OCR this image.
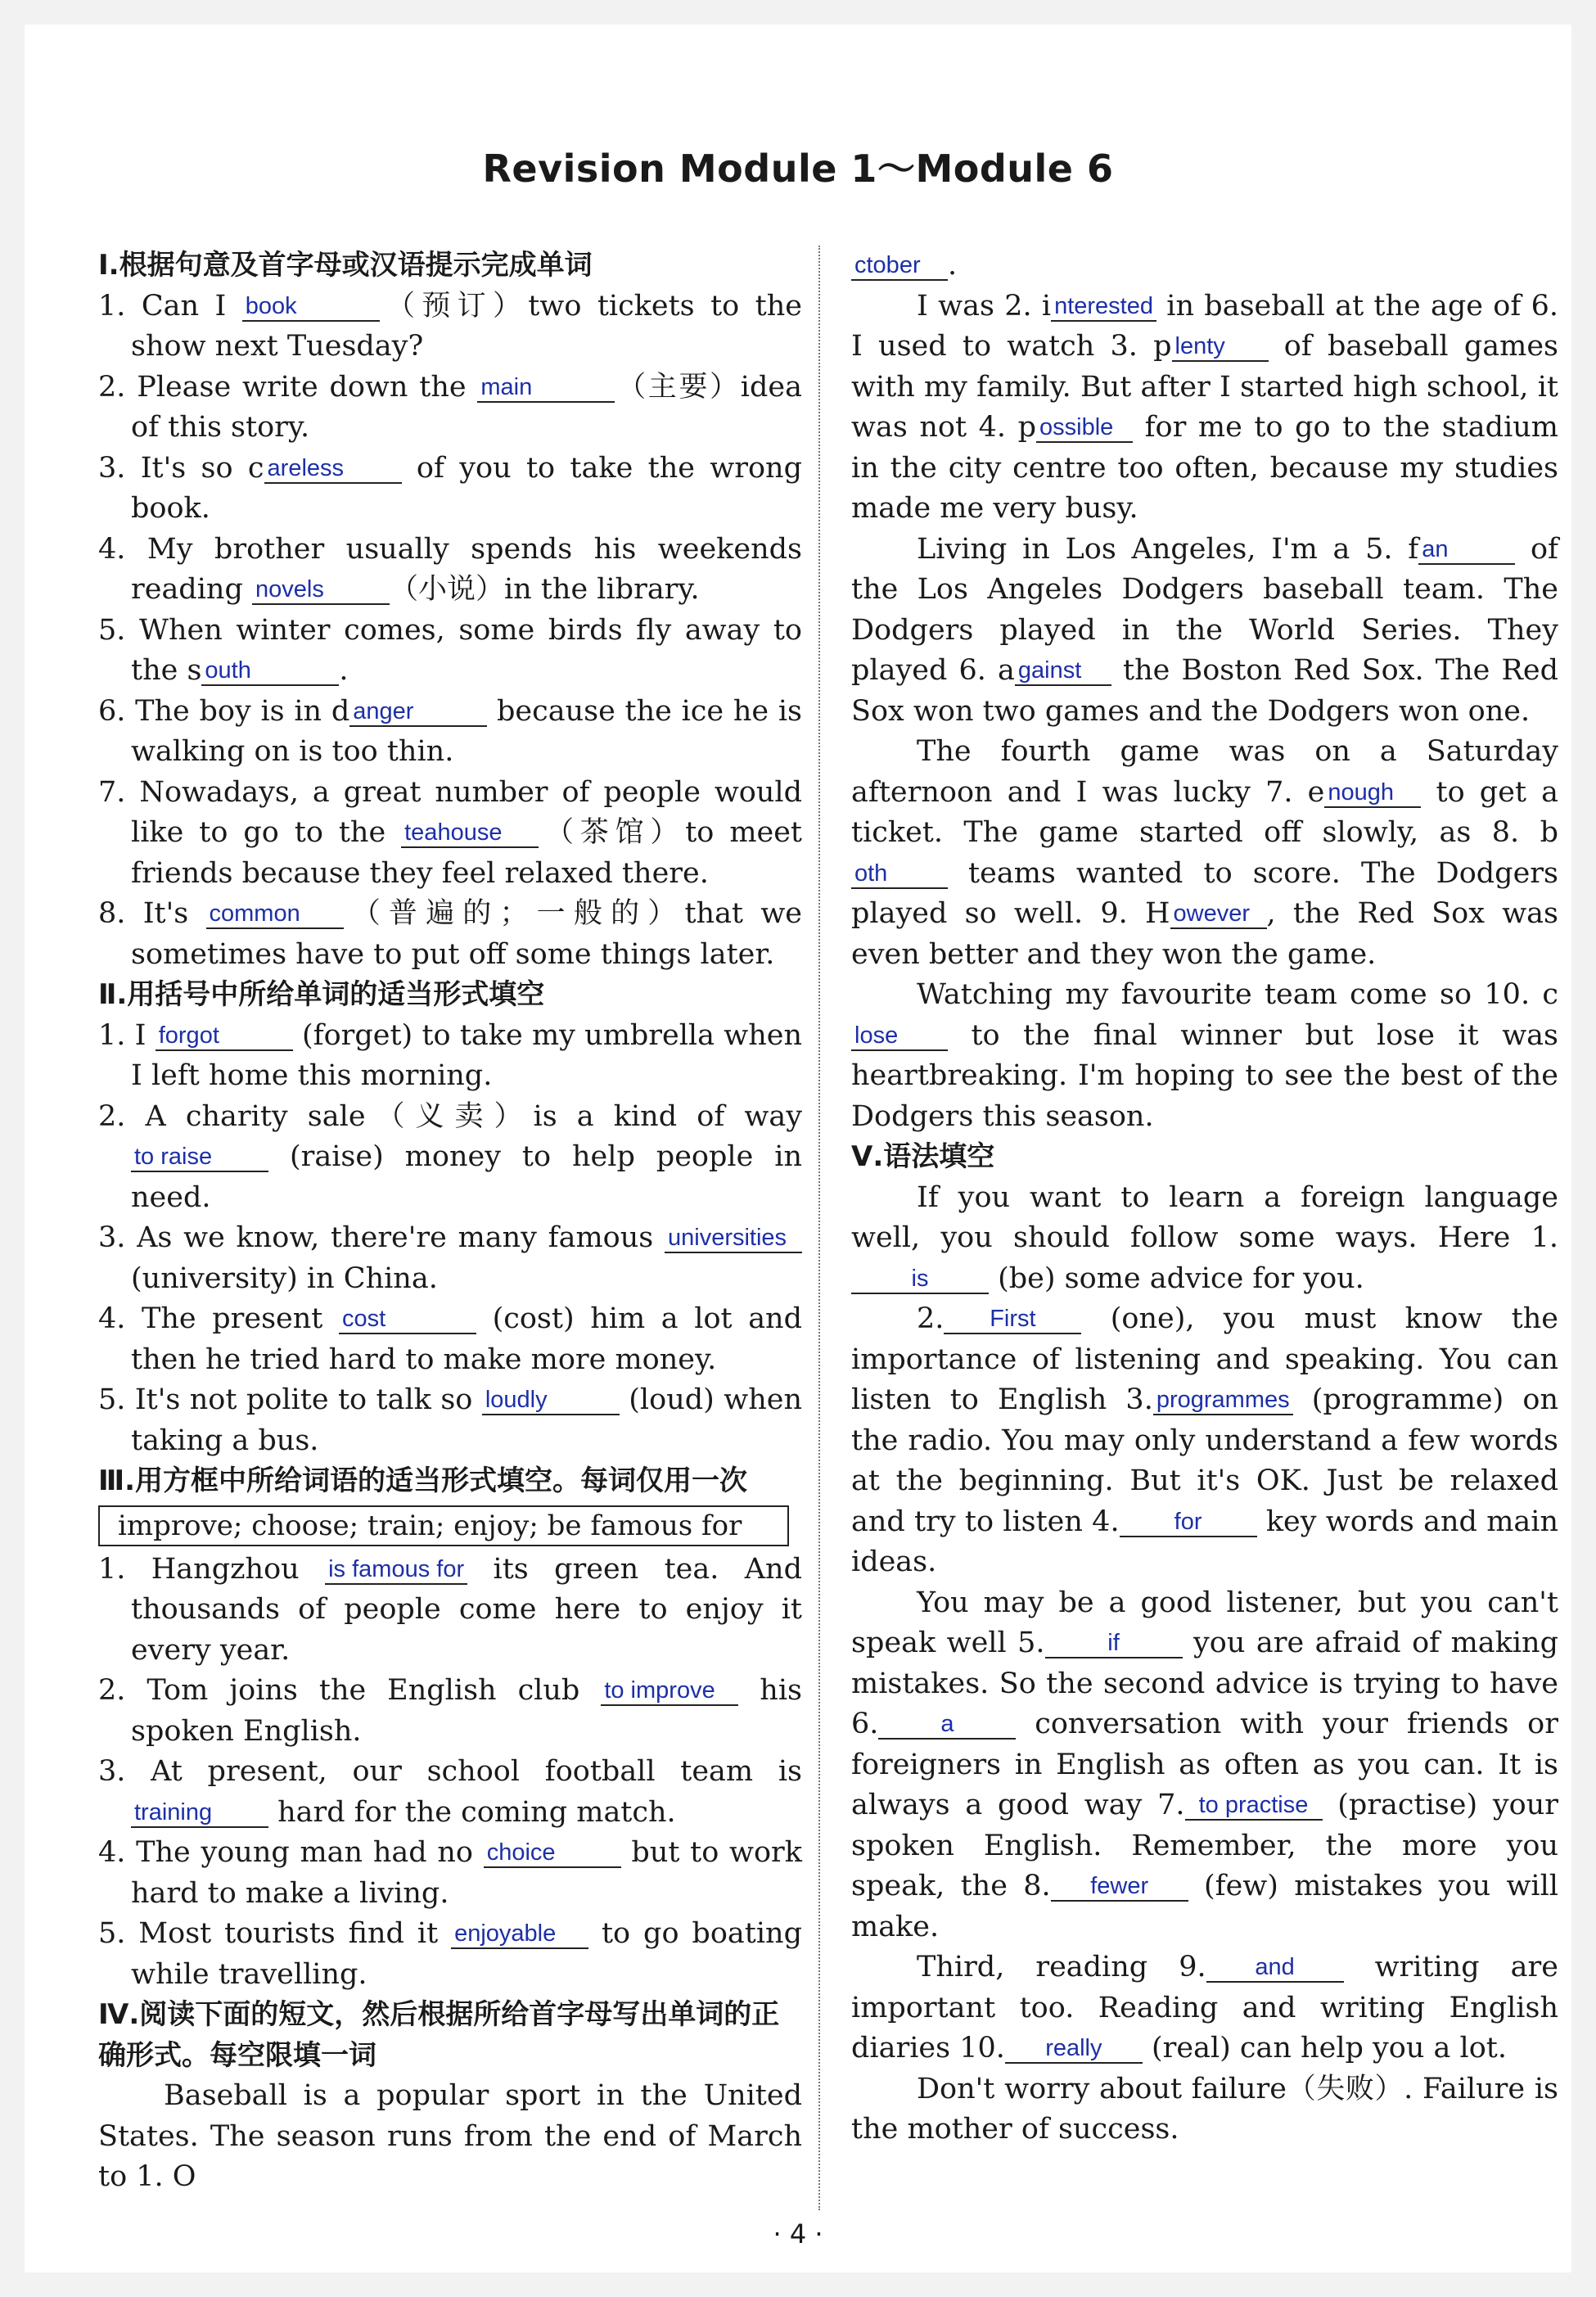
Revision Module 1～Module 6
Ⅰ.根据句意及首字母或汉语提示完成单词
1. Can I book	（预订）two tickets to the show next Tuesday?
2. Please write down the main	（主要）idea of this story.
3. It's so c areless of you to take the wrong book.
4. My brother usually spends his weekends reading novels （小说）in the library.
5. When winter comes, some birds fly away to the s outh	.
6. The boy is in d anger	because the ice he is walking on is too thin.
7. Nowadays, a great number of people would like to go to the teahouse （茶馆）to meet friends because they feel relaxed there.
8. It's common （普遍的；一般的）that we sometimes have to put off some things later.
Ⅱ.用括号中所给单词的适当形式填空
1. I forgot	(forget) to take my umbrella when I left home this morning.
2. A charity sale（义卖）is a kind of way to raise (raise) money to help people in need.
3. As we know, there're many famous universities (university) in China.
4. The present cost	(cost) him a lot and then he tried hard to make more money.
5. It's not polite to talk so loudly	(loud) when taking a bus.
Ⅲ.用方框中所给词语的适当形式填空。每词仅用一次
improve; choose; train; enjoy; be famous for
1. Hangzhou is famous for its green tea. And thousands of people come here to enjoy it every year.
2. Tom joins the English club to improve his spoken English.
3. At present, our school football team is training hard for the coming match.
4. The young man had no choice but to work hard to make a living.
5. Most tourists find it enjoyable to go boating while travelling.
Ⅳ.阅读下面的短文，然后根据所给首字母写出单词的正确形式。每空限填一词
Baseball is a popular sport in the United States. The season runs from the end of March to 1. O
ctober .
I was 2. i nterested in baseball at the age of 6. I used to watch 3. p lenty of baseball games with my family. But after I started high school, it was not 4. p ossible for me to go to the stadium in the city centre too often, because my studies made me very busy.
Living in Los Angeles, I'm a 5. f an of the Los Angeles Dodgers baseball team. The Dodgers played in the World Series. They played 6. a gainst the Boston Red Sox. The Red Sox won two games and the Dodgers won one.
The fourth game was on a Saturday afternoon and I was lucky 7. e nough to get a ticket. The game started off slowly, as 8. both teams wanted to score. The Dodgers played so well. 9. H owever , the Red Sox was even better and they won the game.
Watching my favourite team come so 10. close to the final winner but lose it was heartbreaking. I'm hoping to see the best of the Dodgers this season.
Ⅴ.语法填空
If you want to learn a foreign language well, you should follow some ways. Here 1.is (be) some advice for you.
2. First (one), you must know the importance of listening and speaking. You can listen to English 3. programmes (programme) on the radio. You may only understand a few words at the beginning. But it's OK. Just be relaxed and try to listen 4. for key words and main ideas.
You may be a good listener, but you can't speak well 5.	if you are afraid of making mistakes. So the second advice is trying to have 6.	a conversation with your friends or foreigners in English as often as you can. It is always a good way 7. to practise (practise) your spoken English. Remember, the more you speak, the 8. fewer (few) mistakes you will make.
Third, reading 9. and writing are important too. Reading and writing English diaries 10. really (real) can help you a lot.
Don't worry about failure（失败）. Failure is the mother of success.
· 4 ·
